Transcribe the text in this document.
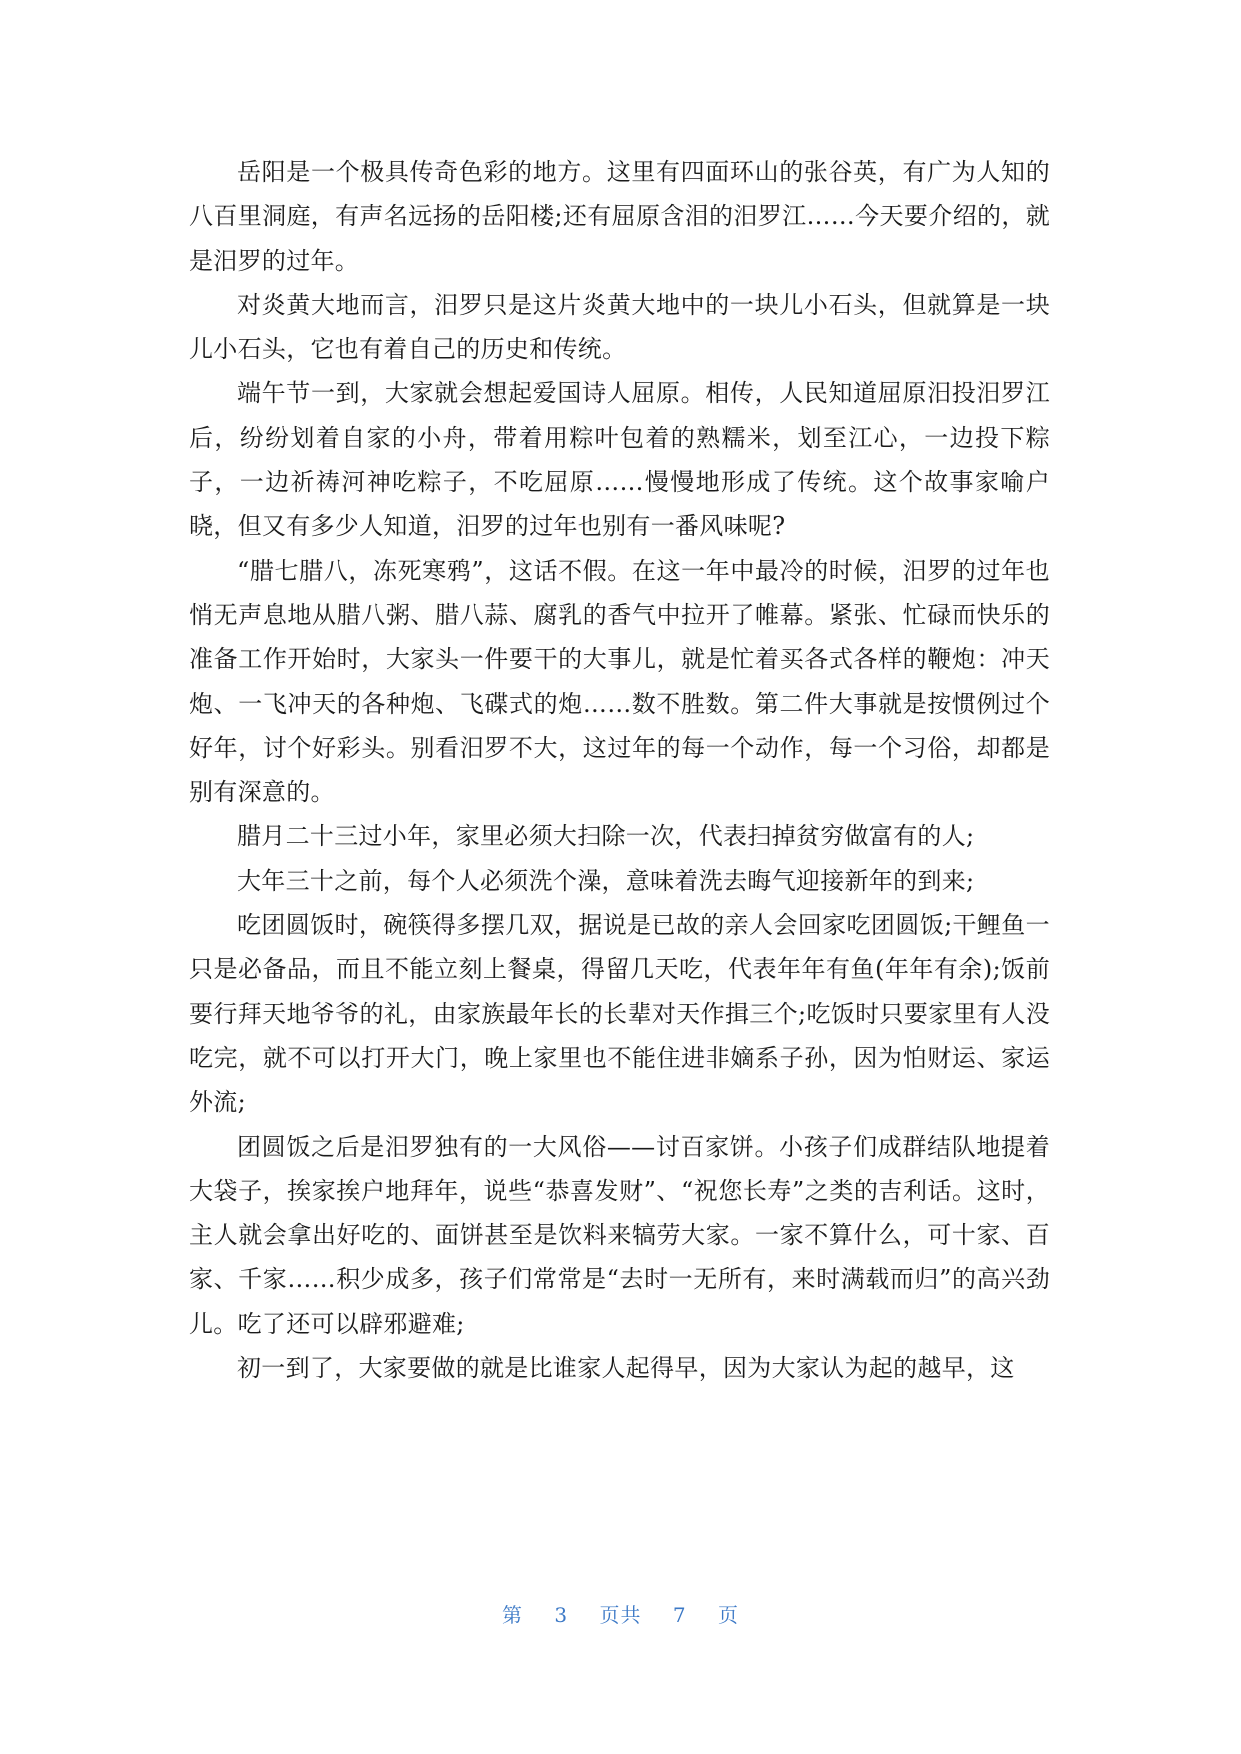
岳阳是一个极具传奇色彩的地方。这里有四面环山的张谷英，有广为人知的八百里洞庭，有声名远扬的岳阳楼;还有屈原含泪的汨罗江……今天要介绍的，就是汨罗的过年。

对炎黄大地而言，汨罗只是这片炎黄大地中的一块儿小石头，但就算是一块儿小石头，它也有着自己的历史和传统。

端午节一到，大家就会想起爱国诗人屈原。相传，人民知道屈原汨投汨罗江后，纷纷划着自家的小舟，带着用粽叶包着的熟糯米，划至江心，一边投下粽子，一边祈祷河神吃粽子，不吃屈原……慢慢地形成了传统。这个故事家喻户晓，但又有多少人知道，汨罗的过年也别有一番风味呢?

“腊七腊八，冻死寒鸦”，这话不假。在这一年中最冷的时候，汨罗的过年也悄无声息地从腊八粥、腊八蒜、腐乳的香气中拉开了帷幕。紧张、忙碌而快乐的准备工作开始时，大家头一件要干的大事儿，就是忙着买各式各样的鞭炮：冲天炮、一飞冲天的各种炮、飞碟式的炮……数不胜数。第二件大事就是按惯例过个好年，讨个好彩头。别看汨罗不大，这过年的每一个动作，每一个习俗，却都是别有深意的。

腊月二十三过小年，家里必须大扫除一次，代表扫掉贫穷做富有的人;

大年三十之前，每个人必须洗个澡，意味着洗去晦气迎接新年的到来;

吃团圆饭时，碗筷得多摆几双，据说是已故的亲人会回家吃团圆饭;干鲤鱼一只是必备品，而且不能立刻上餐桌，得留几天吃，代表年年有鱼(年年有余);饭前要行拜天地爷爷的礼，由家族最年长的长辈对天作揖三个;吃饭时只要家里有人没吃完，就不可以打开大门，晚上家里也不能住进非嫡系子孙，因为怕财运、家运外流;

团圆饭之后是汨罗独有的一大风俗——讨百家饼。小孩子们成群结队地提着大袋子，挨家挨户地拜年，说些“恭喜发财”、“祝您长寿”之类的吉利话。这时，主人就会拿出好吃的、面饼甚至是饮料来犒劳大家。一家不算什么，可十家、百家、千家……积少成多，孩子们常常是“去时一无所有，来时满载而归”的高兴劲儿。吃了还可以辟邪避难;

初一到了，大家要做的就是比谁家人起得早，因为大家认为起的越早，这

第 3 页共 7 页
